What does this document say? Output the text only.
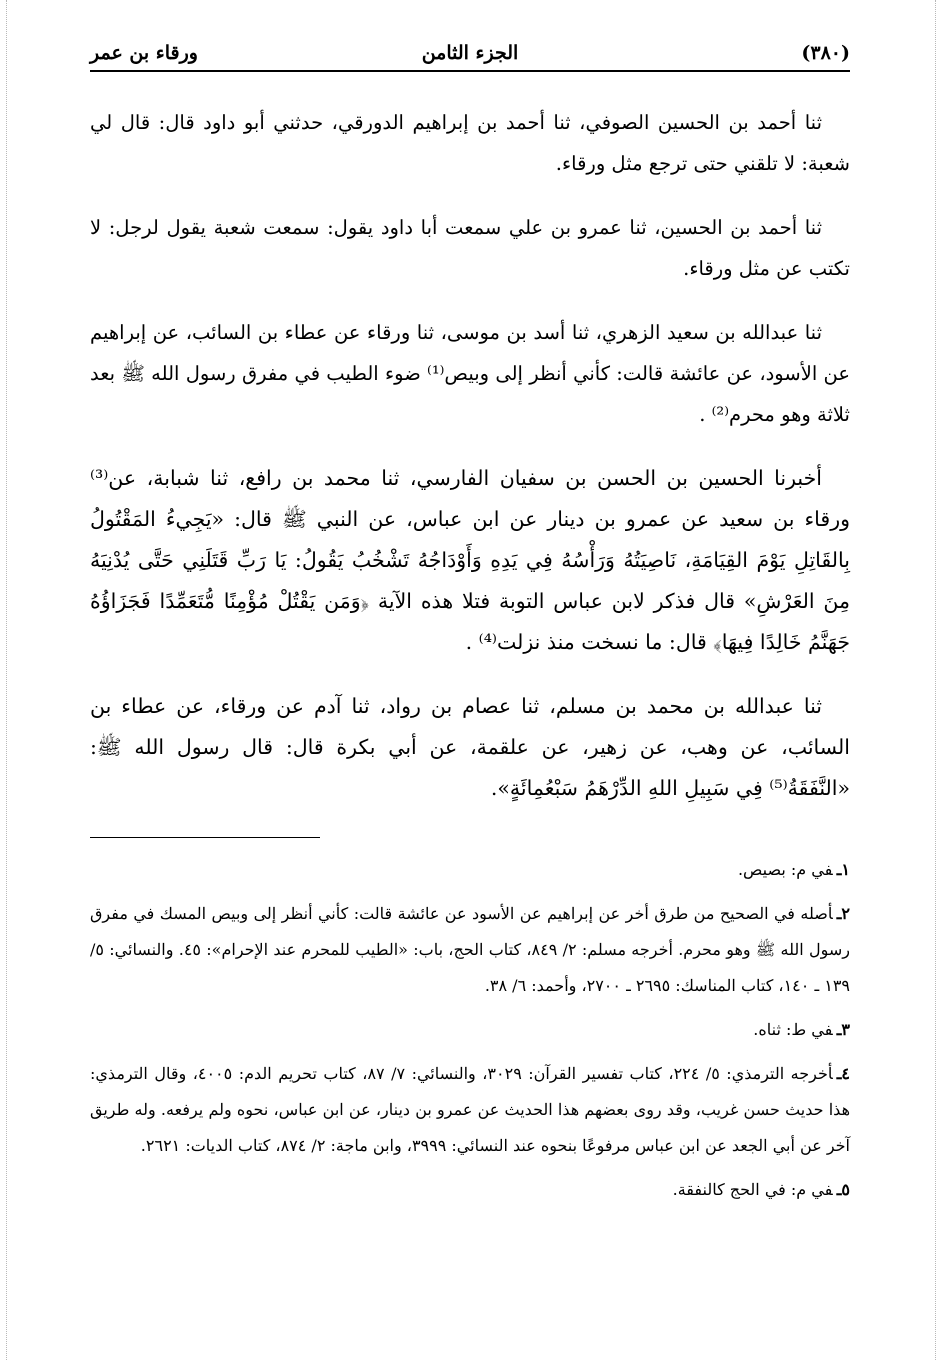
(٣٨٠)
الجزء الثامن
ورقاء بن عمر

ثنا أحمد بن الحسين الصوفي، ثنا أحمد بن إبراهيم الدورقي، حدثني أبو داود قال: قال لي شعبة: لا تلقني حتى ترجع مثل ورقاء.

ثنا أحمد بن الحسين، ثنا عمرو بن علي سمعت أبا داود يقول: سمعت شعبة يقول لرجل: لا تكتب عن مثل ورقاء.

ثنا عبدالله بن سعيد الزهري، ثنا أسد بن موسى، ثنا ورقاء عن عطاء بن السائب، عن إبراهيم عن الأسود، عن عائشة قالت: كأني أنظر إلى وبيص⁽¹⁾ ضوء الطيب في مفرق رسول الله ﷺ بعد ثلاثة وهو محرم⁽²⁾ .

أخبرنا الحسين بن الحسن بن سفيان الفارسي، ثنا محمد بن رافع، ثنا شبابة، عن⁽³⁾ ورقاء بن سعيد عن عمرو بن دينار عن ابن عباس، عن النبي ﷺ قال: «يَجِيءُ المَقْتُولُ بِالقَاتِلِ يَوْمَ القِيَامَةِ، نَاصِيَتُهُ وَرَأْسُهُ فِي يَدِهِ وَأَوْدَاجُهُ تَشْخُبُ يَقُولُ: يَا رَبِّ قَتَلَنِي حَتَّى يُدْنِيَهُ مِنَ العَرْشِ» قال فذكر لابن عباس التوبة فتلا هذه الآية ﴿وَمَن يَقْتُلْ مُؤْمِنًا مُّتَعَمِّدًا فَجَزَاؤُهُ جَهَنَّمُ خَالِدًا فِيهَا﴾ قال: ما نسخت منذ نزلت⁽⁴⁾ .

ثنا عبدالله بن محمد بن مسلم، ثنا عصام بن رواد، ثنا آدم عن ورقاء، عن عطاء بن السائب، عن وهب، عن زهير، عن علقمة، عن أبي بكرة قال: قال رسول الله ﷺ: «النَّفَقَةُ⁽⁵⁾ فِي سَبِيلِ اللهِ الدِّرْهَمُ سَبْعُمِائَةٍ».

١ـفي م: بصيص.

٢ـأصله في الصحيح من طرق أخر عن إبراهيم عن الأسود عن عائشة قالت: كأني أنظر إلى وبيص المسك في مفرق رسول الله ﷺ وهو محرم. أخرجه مسلم: ٢/ ٨٤٩، كتاب الحج، باب: «الطيب للمحرم عند الإحرام»: ٤٥. والنسائي: ٥/ ١٣٩ ـ ١٤٠، كتاب المناسك: ٢٦٩٥ ـ ٢٧٠٠، وأحمد: ٦/ ٣٨.

٣ـفي ط: ثناه.

٤ـأخرجه الترمذي: ٥/ ٢٢٤، كتاب تفسير القرآن: ٣٠٢٩، والنسائي: ٧/ ٨٧، كتاب تحريم الدم: ٤٠٠٥، وقال الترمذي: هذا حديث حسن غريب، وقد روى بعضهم هذا الحديث عن عمرو بن دينار، عن ابن عباس، نحوه ولم يرفعه. وله طريق آخر عن أبي الجعد عن ابن عباس مرفوعًا بنحوه عند النسائي: ٣٩٩٩، وابن ماجة: ٢/ ٨٧٤، كتاب الديات: ٢٦٢١.

٥ـفي م: في الحج كالنفقة.
